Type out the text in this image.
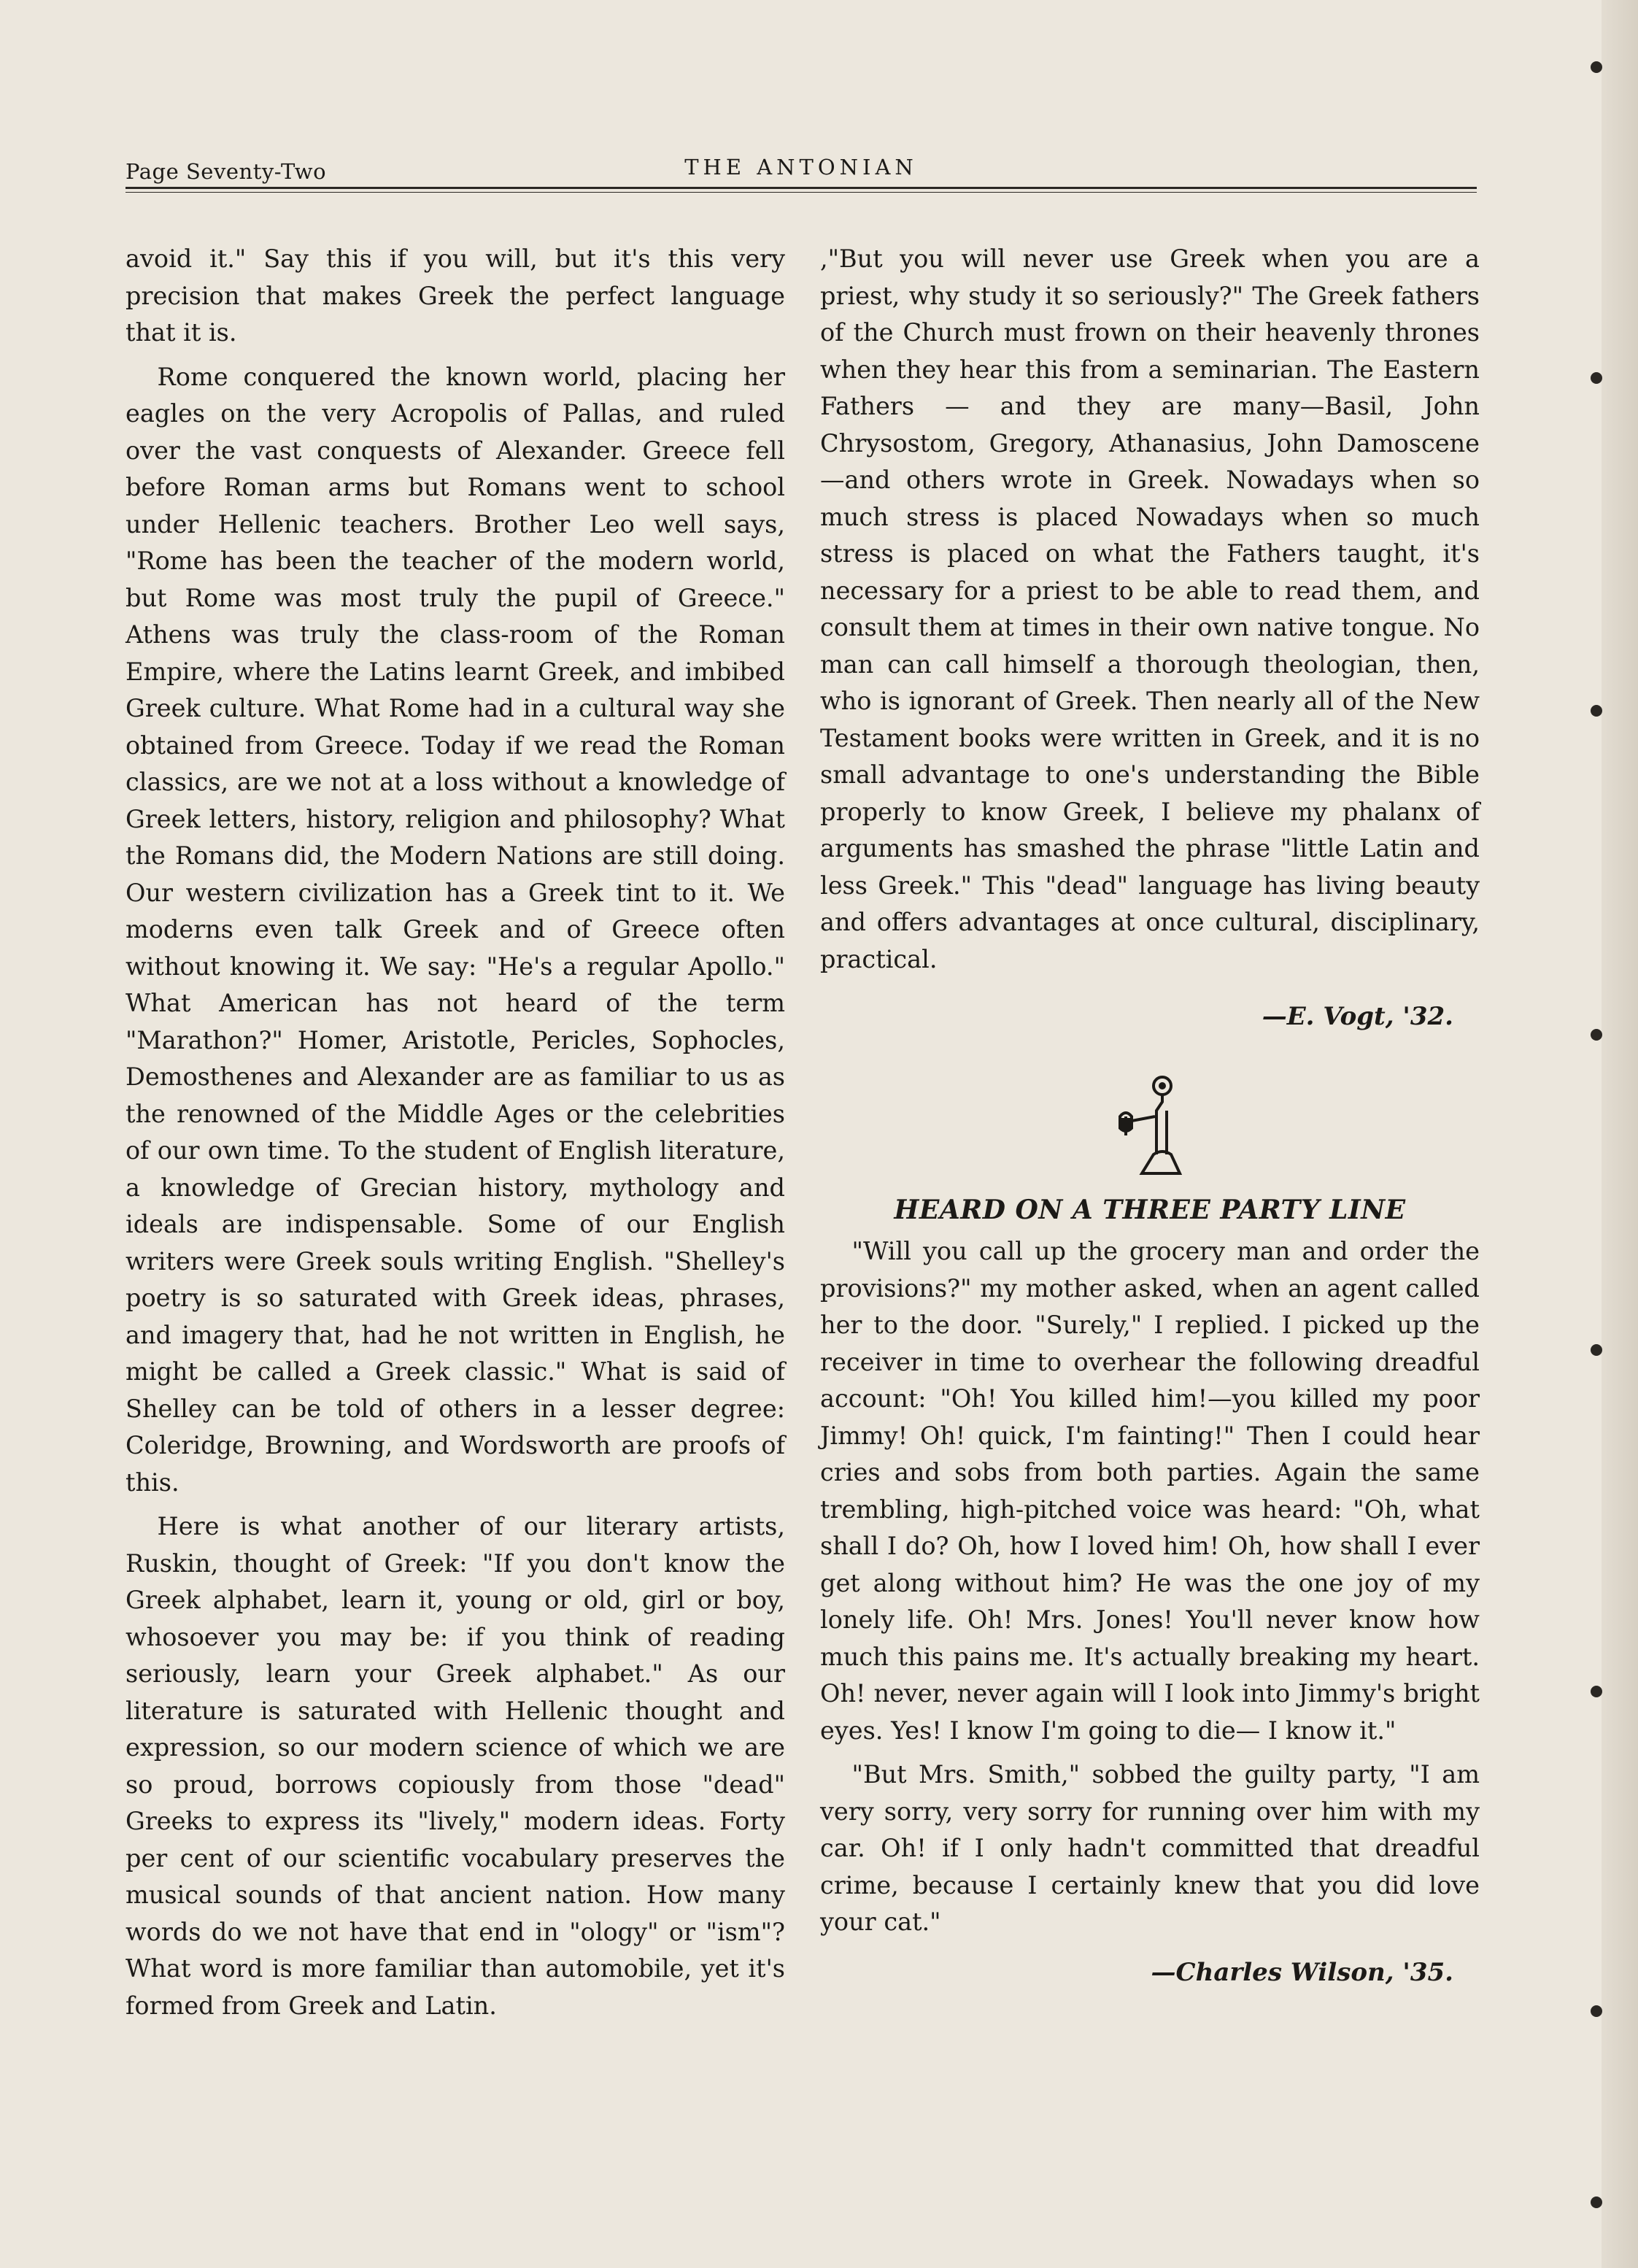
Page Seventy-Two	THE ANTONIAN

avoid it." Say this if you will, but it's this very precision that makes Greek the perfect language that it is.

Rome conquered the known world, placing her eagles on the very Acropolis of Pallas, and ruled over the vast conquests of Alexander. Greece fell before Roman arms but Romans went to school under Hellenic teachers. Brother Leo well says, "Rome has been the teacher of the modern world, but Rome was most truly the pupil of Greece." Athens was truly the class-room of the Roman Empire, where the Latins learnt Greek, and imbibed Greek culture. What Rome had in a cultural way she obtained from Greece. Today if we read the Roman classics, are we not at a loss without a knowledge of Greek letters, history, religion and philosophy? What the Romans did, the Modern Nations are still doing. Our western civilization has a Greek tint to it. We moderns even talk Greek and of Greece often without knowing it. We say: "He's a regular Apollo." What American has not heard of the term "Marathon?" Homer, Aristotle, Pericles, Sophocles, Demosthenes and Alexander are as familiar to us as the renowned of the Middle Ages or the celebrities of our own time. To the student of English literature, a knowledge of Grecian history, mythology and ideals are indispensable. Some of our English writers were Greek souls writing English. "Shelley's poetry is so saturated with Greek ideas, phrases, and imagery that, had he not written in English, he might be called a Greek classic." What is said of Shelley can be told of others in a lesser degree: Coleridge, Browning, and Wordsworth are proofs of this.

Here is what another of our literary artists, Ruskin, thought of Greek: "If you don't know the Greek alphabet, learn it, young or old, girl or boy, whosoever you may be: if you think of reading seriously, learn your Greek alphabet." As our literature is saturated with Hellenic thought and expression, so our modern science of which we are so proud, borrows copiously from those "dead" Greeks to express its "lively," modern ideas. Forty per cent of our scientific vocabulary preserves the musical sounds of that ancient nation. How many words do we not have that end in "ology" or "ism"? What word is more familiar than automobile, yet it's formed from Greek and Latin.

,"But you will never use Greek when you are a priest, why study it so seriously?" The Greek fathers of the Church must frown on their heavenly thrones when they hear this from a seminarian. The Eastern Fathers — and they are many—Basil, John Chrysostom, Gregory, Athanasius, John Damoscene—and others wrote in Greek. Nowadays when so much stress is placed Nowadays when so much stress is placed on what the Fathers taught, it's necessary for a priest to be able to read them, and consult them at times in their own native tongue. No man can call himself a thorough theologian, then, who is ignorant of Greek. Then nearly all of the New Testament books were written in Greek, and it is no small advantage to one's understanding the Bible properly to know Greek, I believe my phalanx of arguments has smashed the phrase "little Latin and less Greek." This "dead" language has living beauty and offers advantages at once cultural, disciplinary, practical.

—E. Vogt, '32.
HEARD ON A THREE PARTY LINE

"Will you call up the grocery man and order the provisions?" my mother asked, when an agent called her to the door. "Surely," I replied. I picked up the receiver in time to overhear the following dreadful account: "Oh! You killed him!—you killed my poor Jimmy! Oh! quick, I'm fainting!" Then I could hear cries and sobs from both parties. Again the same trembling, high-pitched voice was heard: "Oh, what shall I do? Oh, how I loved him! Oh, how shall I ever get along without him? He was the one joy of my lonely life. Oh! Mrs. Jones! You'll never know how much this pains me. It's actually breaking my heart. Oh! never, never again will I look into Jimmy's bright eyes. Yes! I know I'm going to die— I know it."

"But Mrs. Smith," sobbed the guilty party, "I am very sorry, very sorry for running over him with my car. Oh! if I only hadn't committed that dreadful crime, because I certainly knew that you did love your cat."

—Charles Wilson, '35.
